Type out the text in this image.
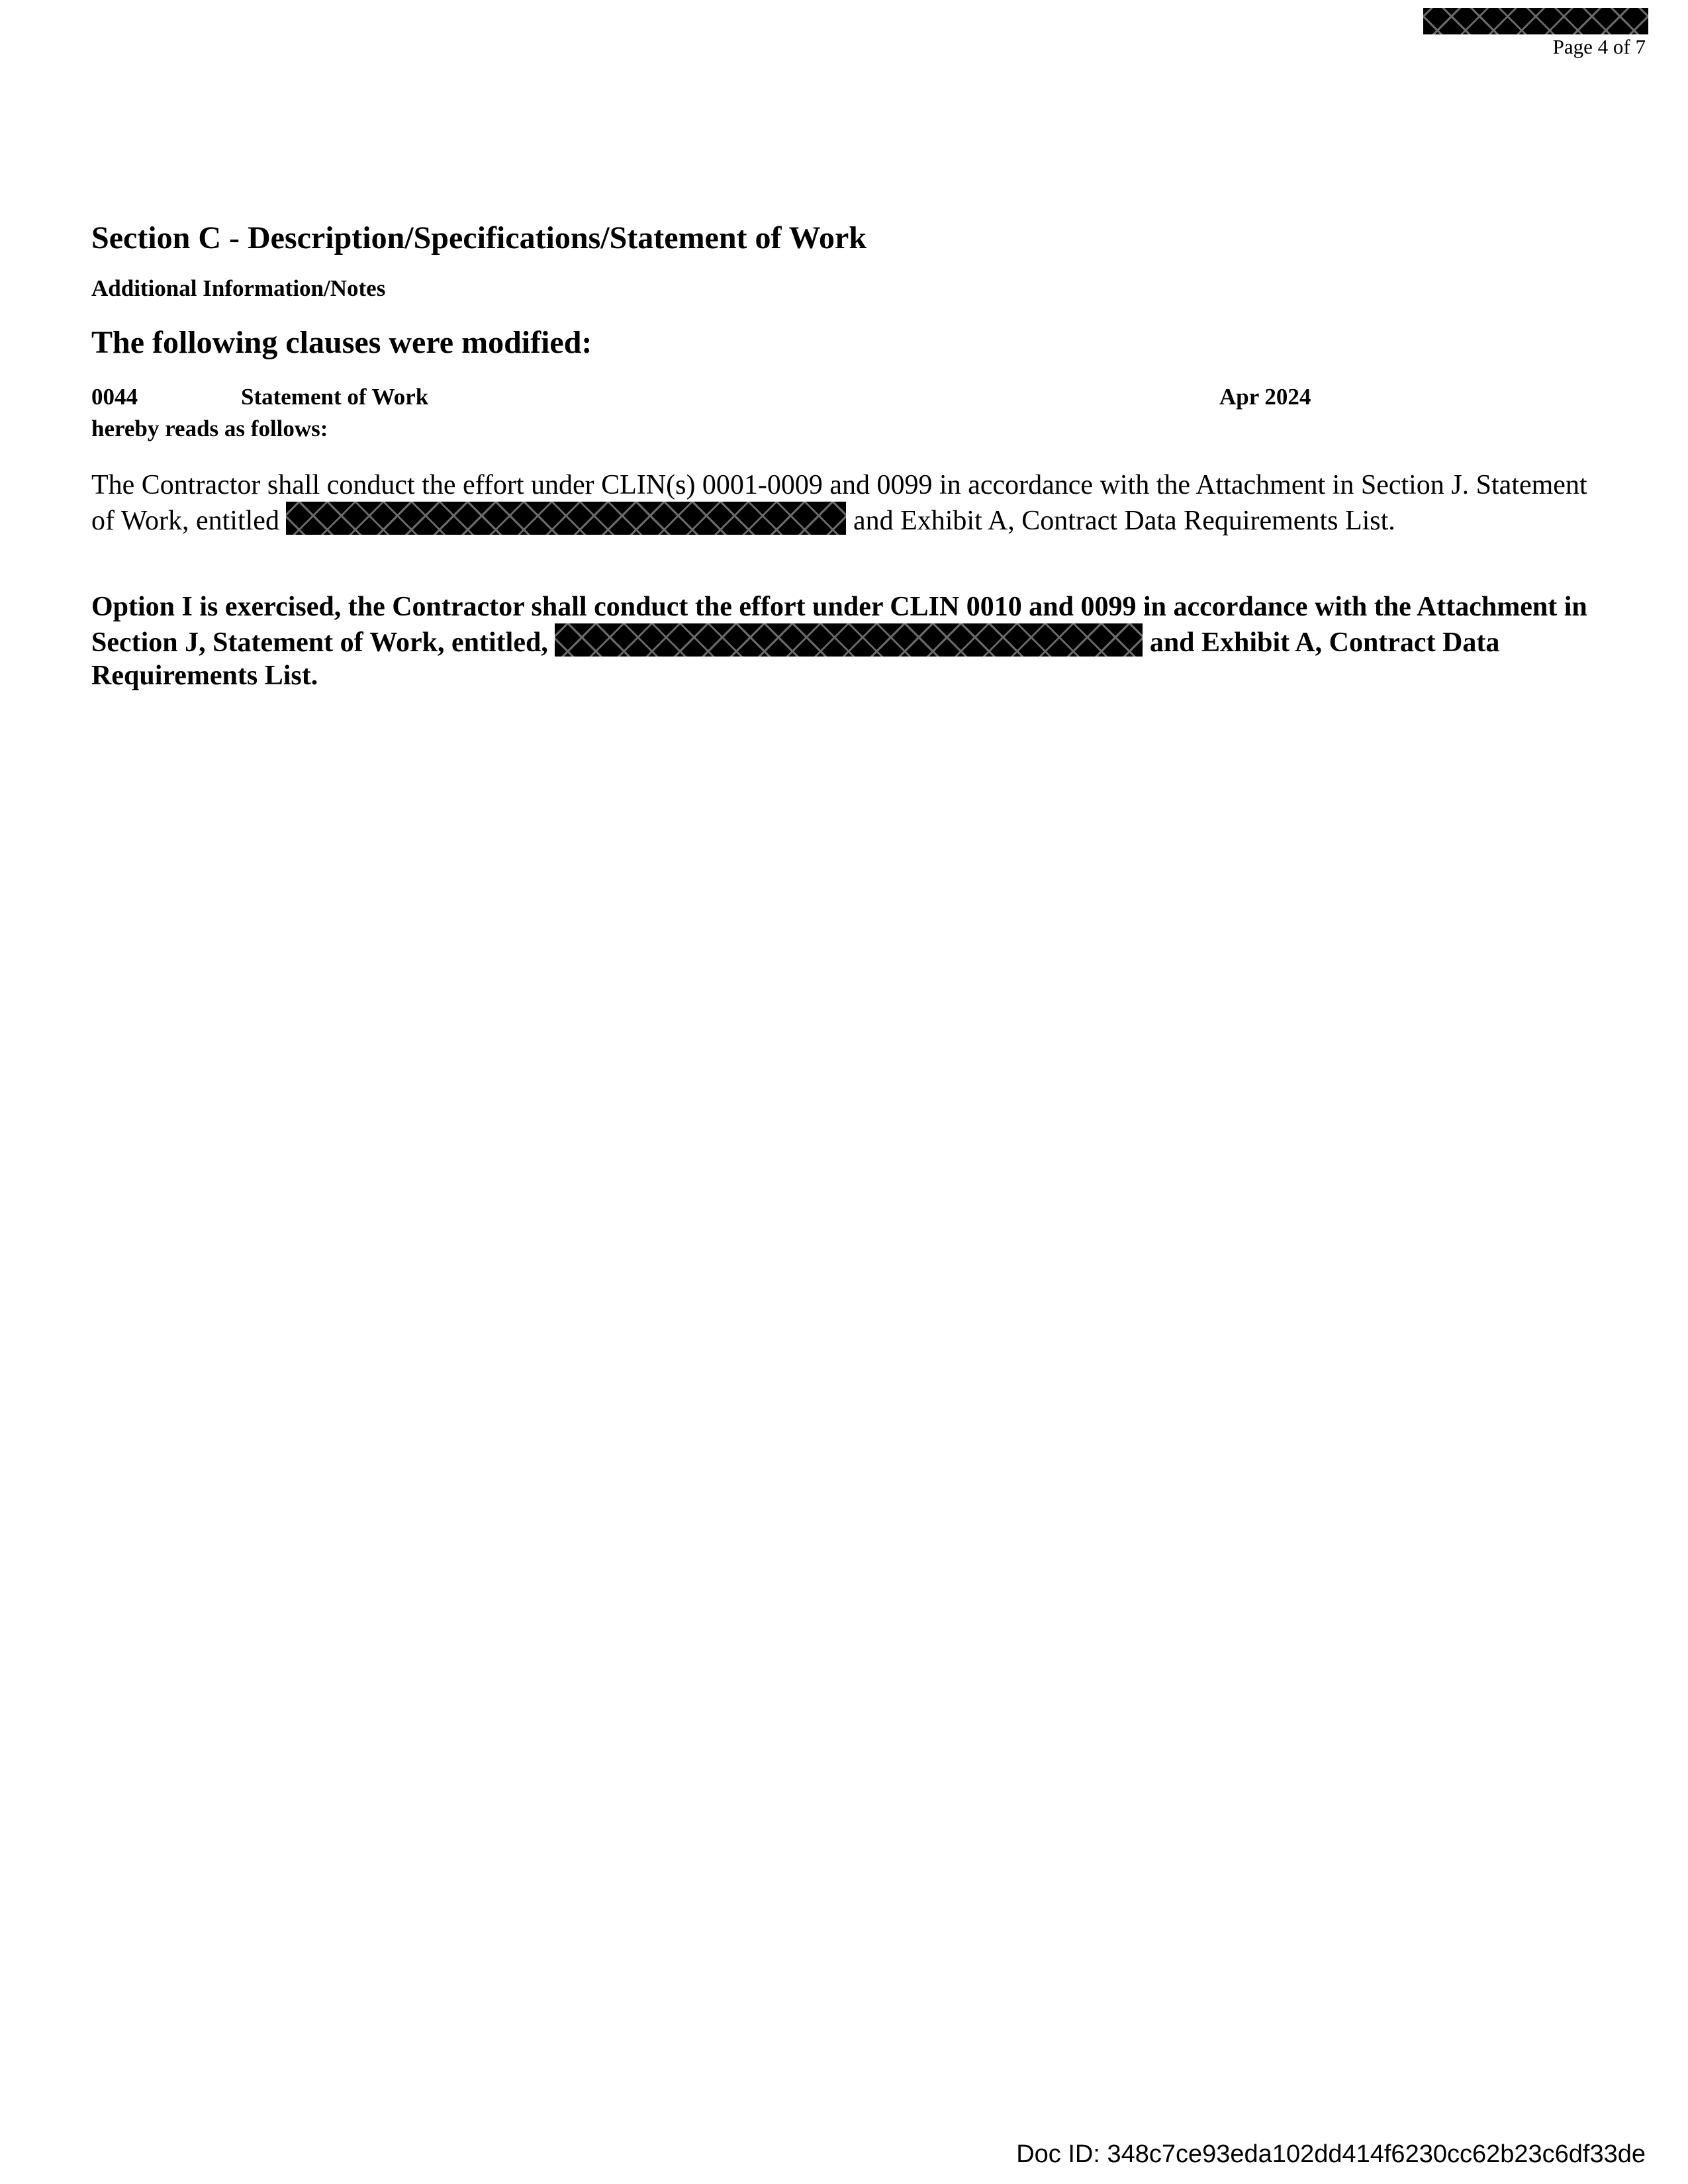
Page 4 of 7
Section C - Description/Specifications/Statement of Work

Additional Information/Notes

The following clauses were modified:
0044	Statement of Work	Apr 2024

hereby reads as follows:

The Contractor shall conduct the effort under CLIN(s) 0001-0009 and 0099 in accordance with the Attachment in Section J. Statement of Work, entitled	and Exhibit A, Contract Data Requirements List.

Option I is exercised, the Contractor shall conduct the effort under CLIN 0010 and 0099 in accordance with the Attachment in Section J, Statement of Work, entitled,	and Exhibit A, Contract Data Requirements List.

Doc ID: 348c7ce93eda102dd414f6230cc62b23c6df33de
